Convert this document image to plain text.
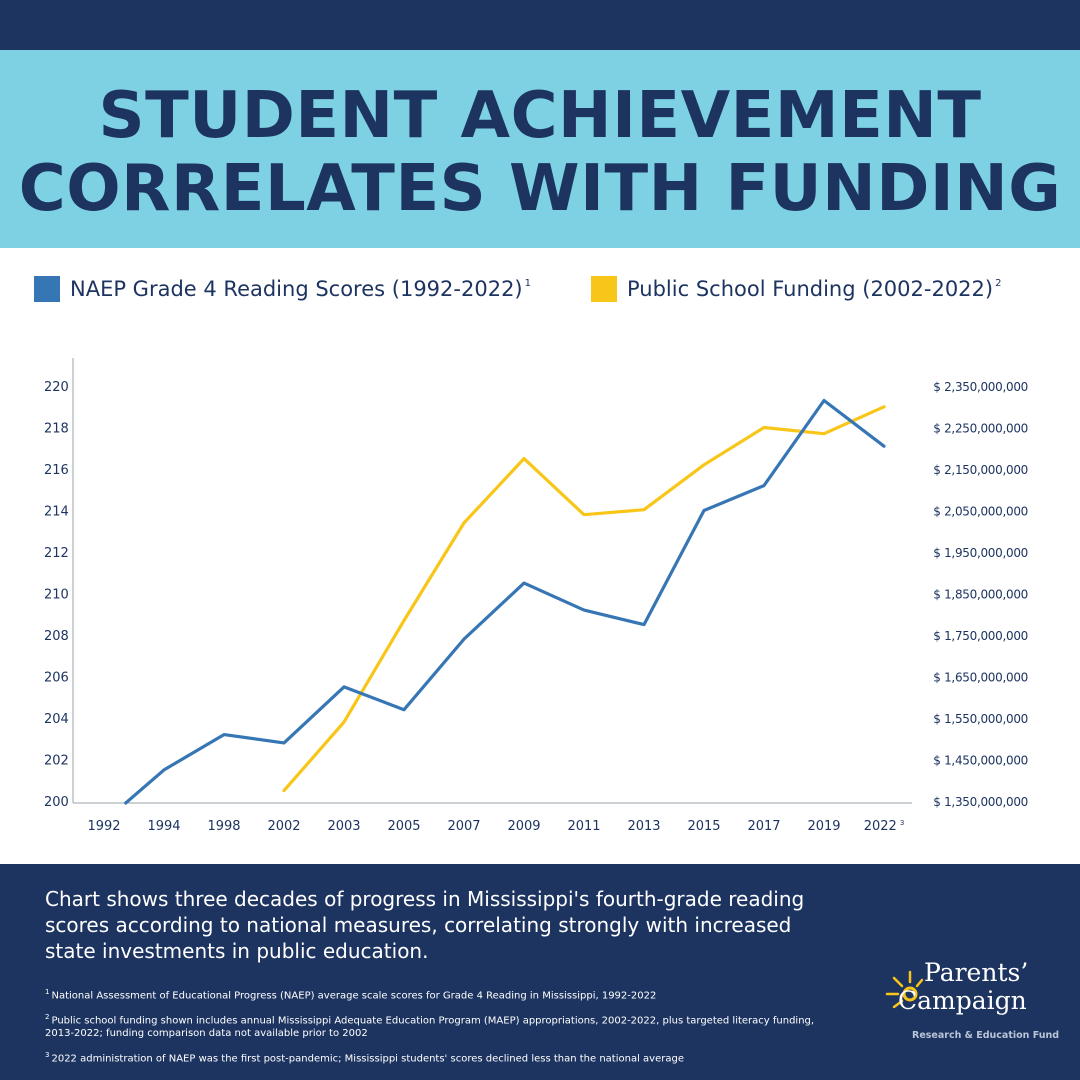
STUDENT ACHIEVEMENT
CORRELATES WITH FUNDING
NAEP Grade 4 Reading Scores (1992-2022)$^1$	Public School Funding (2002-2022)$^2$
200
202
204
206
208
210
212
214
216
218
220
$ 1,350,000,000
$ 1,450,000,000
$ 1,550,000,000
$ 1,650,000,000
$ 1,750,000,000
$ 1,850,000,000
$ 1,950,000,000
$ 2,050,000,000
$ 2,150,000,000
$ 2,250,000,000
$ 2,350,000,000
1992 1994 1998 2002 2003 2005 2007 2009 2011 2013 2015 2017 2019 2022 $^3$

Chart shows three decades of progress in Mississippi's fourth-grade reading scores according to national measures, correlating strongly with increased state investments in public education.

$^1$ National Assessment of Educational Progress (NAEP) average scale scores for Grade 4 Reading in Mississippi, 1992-2022

$^2$ Public school funding shown includes annual Mississippi Adequate Education Program (MAEP) appropriations, 2002-2022, plus targeted literacy funding, 2013-2022; funding comparison data not available prior to 2002

$^3$ 2022 administration of NAEP was the first post-pandemic; Mississippi students' scores declined less than the national average

Parents’
Campaign
Research & Education Fund
